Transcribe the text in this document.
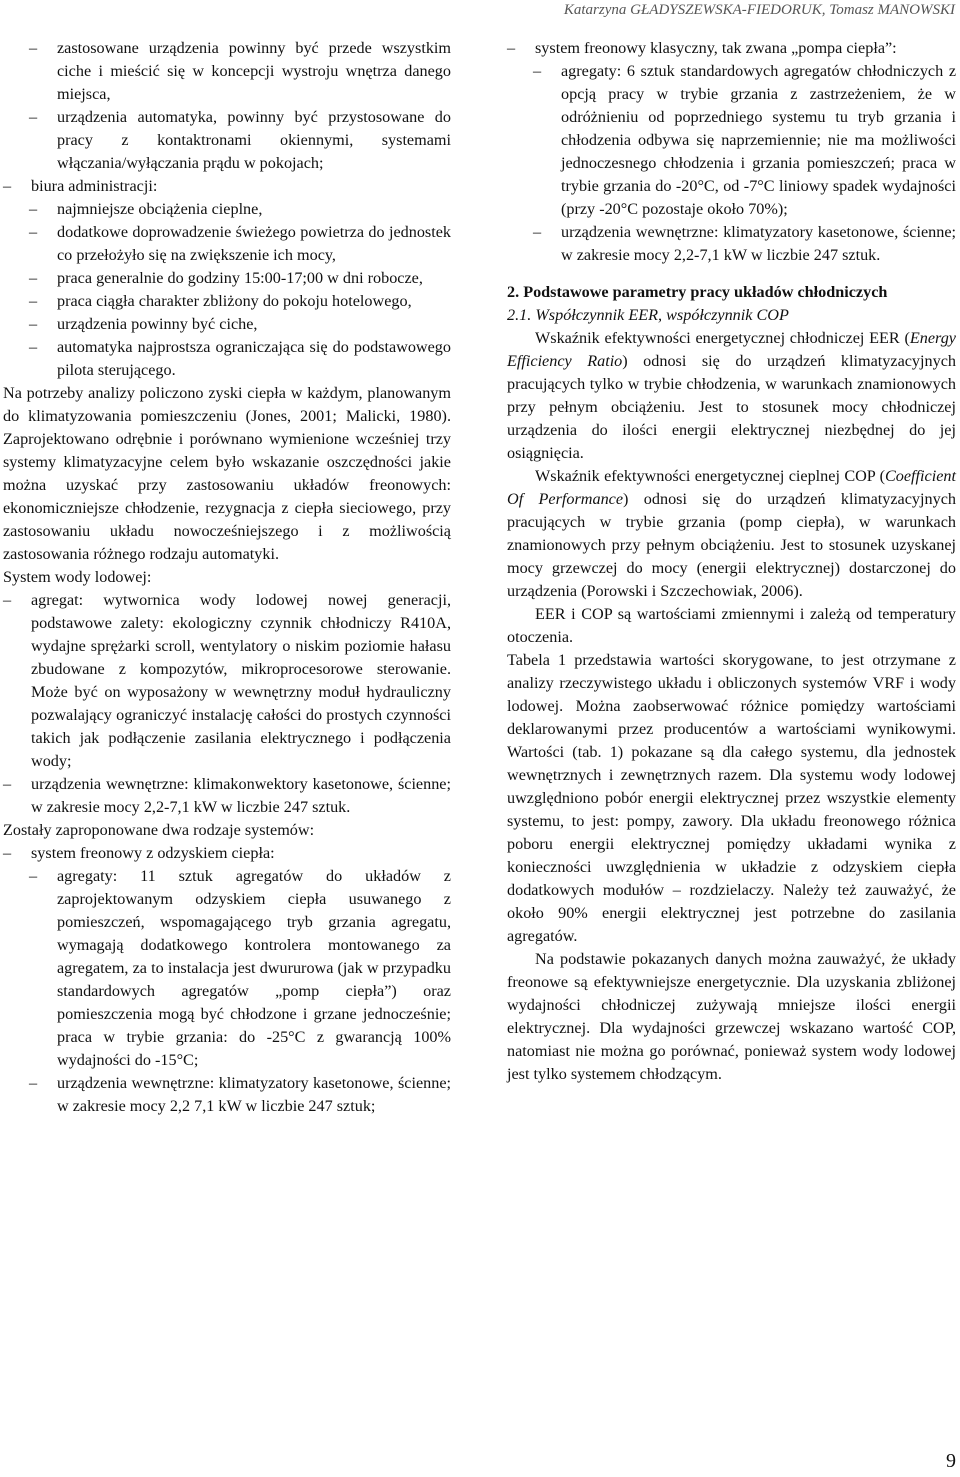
Katarzyna GŁADYSZEWSKA-FIEDORUK, Tomasz MANOWSKI

–	zastosowane urządzenia powinny być przede wszystkim ciche i mieścić się w koncepcji wystroju wnętrza danego miejsca,

–	urządzenia automatyka, powinny być przystosowane do pracy z kontaktronami okiennymi, systemami włączania/wyłączania prądu w pokojach;

–	biura administracji:

–	najmniejsze obciążenia cieplne,

–	dodatkowe doprowadzenie świeżego powietrza do jednostek co przełożyło się na zwiększenie ich mocy,

–	praca generalnie do godziny 15:00-17;00 w dni robocze,

–	praca ciągła charakter zbliżony do pokoju hotelowego,

–	urządzenia powinny być ciche,

–	automatyka najprostsza ograniczająca się do podstawowego pilota sterującego.

Na potrzeby analizy policzono zyski ciepła w każdym, planowanym do klimatyzowania pomieszczeniu (Jones, 2001; Malicki, 1980). Zaprojektowano odrębnie i porównano wymienione wcześniej trzy systemy klimatyzacyjne celem było wskazanie oszczędności jakie można uzyskać przy zastosowaniu układów freonowych: ekonomiczniejsze chłodzenie, rezygnacja z ciepła sieciowego, przy zastosowaniu układu nowocześniejszego i z możliwością zastosowania różnego rodzaju automatyki.

System wody lodowej:

–	agregat: wytwornica wody lodowej nowej generacji, podstawowe zalety: ekologiczny czynnik chłodniczy R410A, wydajne sprężarki scroll, wentylatory o niskim poziomie hałasu zbudowane z kompozytów, mikroprocesorowe sterowanie. Może być on wyposażony w wewnętrzny moduł hydrauliczny pozwalający ograniczyć instalację całości do prostych czynności takich jak podłączenie zasilania elektrycznego i podłączenia wody;

–	urządzenia wewnętrzne: klimakonwektory kasetonowe, ścienne; w zakresie mocy 2,2-7,1 kW w liczbie 247 sztuk.

Zostały zaproponowane dwa rodzaje systemów:

–	system freonowy z odzyskiem ciepła:

–	agregaty: 11 sztuk agregatów do układów z zaprojektowanym odzyskiem ciepła usuwanego z pomieszczeń, wspomagającego tryb grzania agregatu, wymagają dodatkowego kontrolera montowanego za agregatem, za to instalacja jest dwururowa (jak w przypadku standardowych agregatów „pomp ciepła”) oraz pomieszczenia mogą być chłodzone i grzane jednocześnie; praca w trybie grzania: do -25°C z gwarancją 100% wydajności do -15°C;

–	urządzenia wewnętrzne: klimatyzatory kasetonowe, ścienne; w zakresie mocy 2,2 7,1 kW w liczbie 247 sztuk;

–	system freonowy klasyczny, tak zwana „pompa ciepła”:

–	agregaty: 6 sztuk standardowych agregatów chłodniczych z opcją pracy w trybie grzania z zastrzeżeniem, że w odróżnieniu od poprzedniego systemu tu tryb grzania i chłodzenia odbywa się naprzemiennie; nie ma możliwości jednoczesnego chłodzenia i grzania pomieszczeń; praca w trybie grzania do -20°C, od -7°C liniowy spadek wydajności (przy -20°C pozostaje około 70%);

–	urządzenia wewnętrzne: klimatyzatory kasetonowe, ścienne; w zakresie mocy 2,2-7,1 kW w liczbie 247 sztuk.

2. Podstawowe parametry pracy układów chłodniczych

2.1. Współczynnik EER, współczynnik COP

Wskaźnik efektywności energetycznej chłodniczej EER (Energy Efficiency Ratio) odnosi się do urządzeń klimatyzacyjnych pracujących tylko w trybie chłodzenia, w warunkach znamionowych przy pełnym obciążeniu. Jest to stosunek mocy chłodniczej urządzenia do ilości energii elektrycznej niezbędnej do jej osiągnięcia.

Wskaźnik efektywności energetycznej cieplnej COP (Coefficient Of Performance) odnosi się do urządzeń klimatyzacyjnych pracujących w trybie grzania (pomp ciepła), w warunkach znamionowych przy pełnym obciążeniu. Jest to stosunek uzyskanej mocy grzewczej do mocy (energii elektrycznej) dostarczonej do urządzenia (Porowski i Szczechowiak, 2006).

EER i COP są wartościami zmiennymi i zależą od temperatury otoczenia.

Tabela 1 przedstawia wartości skorygowane, to jest otrzymane z analizy rzeczywistego układu i obliczonych systemów VRF i wody lodowej. Można zaobserwować różnice pomiędzy wartościami deklarowanymi przez producentów a wartościami wynikowymi. Wartości (tab. 1) pokazane są dla całego systemu, dla jednostek wewnętrznych i zewnętrznych razem. Dla systemu wody lodowej uwzględniono pobór energii elektrycznej przez wszystkie elementy systemu, to jest: pompy, zawory. Dla układu freonowego różnica poboru energii elektrycznej pomiędzy układami wynika z konieczności uwzględnienia w układzie z odzyskiem ciepła dodatkowych modułów – rozdzielaczy. Należy też zauważyć, że około 90% energii elektrycznej jest potrzebne do zasilania agregatów.

Na podstawie pokazanych danych można zauważyć, że układy freonowe są efektywniejsze energetycznie. Dla uzyskania zbliżonej wydajności chłodniczej zużywają mniejsze ilości energii elektrycznej. Dla wydajności grzewczej wskazano wartość COP, natomiast nie można go porównać, ponieważ system wody lodowej jest tylko systemem chłodzącym.

9
